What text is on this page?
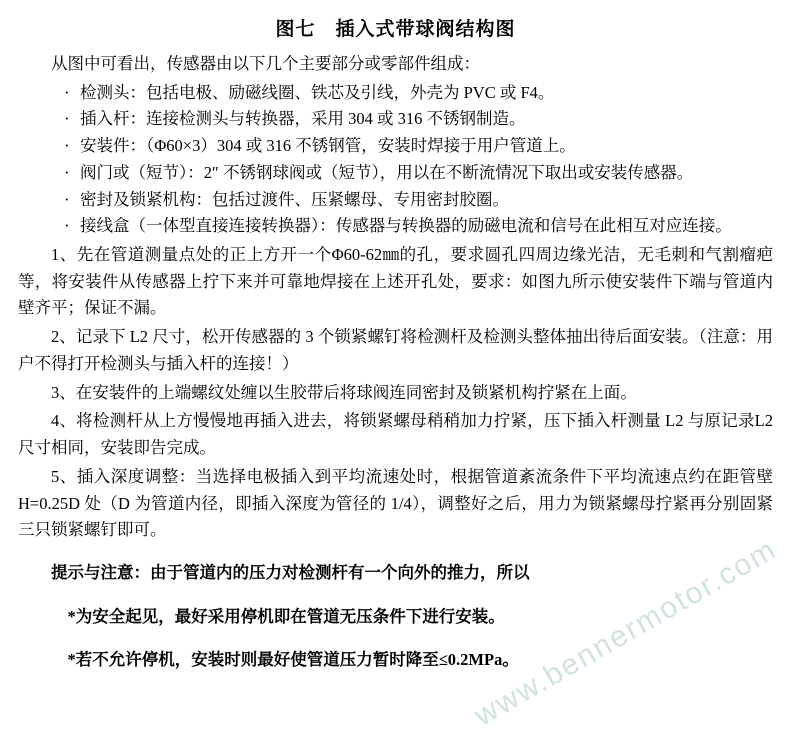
图七　插入式带球阀结构图

从图中可看出，传感器由以下几个主要部分或零部件组成：

· 检测头：包括电极、励磁线圈、铁芯及引线，外壳为 PVC 或 F4。
· 插入杆：连接检测头与转换器，采用 304 或 316 不锈钢制造。
· 安装件：（Φ60×3）304 或 316 不锈钢管，安装时焊接于用户管道上。
· 阀门或（短节）：2″ 不锈钢球阀或（短节），用以在不断流情况下取出或安装传感器。
· 密封及锁紧机构：包括过渡件、压紧螺母、专用密封胶圈。
· 接线盒（一体型直接连接转换器）：传感器与转换器的励磁电流和信号在此相互对应连接。

1、先在管道测量点处的正上方开一个Φ60-62㎜的孔，要求圆孔四周边缘光洁，无毛刺和气割瘤疤等，将安装件从传感器上拧下来并可靠地焊接在上述开孔处，要求：如图九所示使安装件下端与管道内壁齐平；保证不漏。

2、记录下 L2 尺寸，松开传感器的 3 个锁紧螺钉将检测杆及检测头整体抽出待后面安装。（注意：用户不得打开检测头与插入杆的连接！）

3、在安装件的上端螺纹处缠以生胶带后将球阀连同密封及锁紧机构拧紧在上面。

4、将检测杆从上方慢慢地再插入进去，将锁紧螺母稍稍加力拧紧，压下插入杆测量 L2 与原记录L2 尺寸相同，安装即告完成。

5、插入深度调整：当选择电极插入到平均流速处时，根据管道紊流条件下平均流速点约在距管壁H=0.25D 处（D 为管道内径，即插入深度为管径的 1/4），调整好之后，用力为锁紧螺母拧紧再分别固紧三只锁紧螺钉即可。

提示与注意：由于管道内的压力对检测杆有一个向外的推力，所以

*为安全起见，最好采用停机即在管道无压条件下进行安装。

*若不允许停机，安装时则最好使管道压力暂时降至≤0.2MPa。

www.bennermotor.com
